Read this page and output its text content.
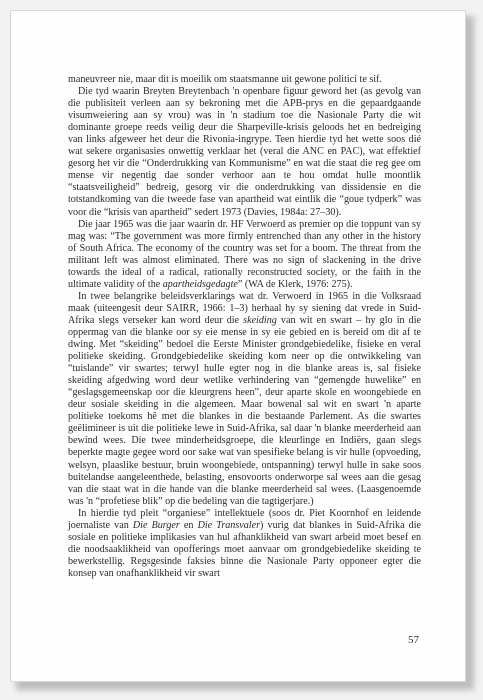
maneuvreer nie, maar dit is moeilik om staatsmanne uit gewone politici te sif.

Die tyd waarin Breyten Breytenbach 'n openbare figuur geword het (as gevolg van die publisiteit verleen aan sy bekroning met die APB-prys en die gepaardgaande visumweiering aan sy vrou) was in 'n stadium toe die Nasionale Party die wit dominante groepe reeds veilig deur die Sharpeville-krisis geloods het en bedreiging van links afgeweer het deur die Rivonia-ingrype. Teen hierdie tyd het wette soos dié wat sekere organisasies onwettig verklaar het (veral die ANC en PAC), wat effektief gesorg het vir die “Onderdrukking van Kommunisme” en wat die staat die reg gee om mense vir negentig dae sonder verhoor aan te hou omdat hulle moontlik “staatsveiligheid” bedreig, gesorg vir die onderdrukking van dissidensie en die totstandkoming van die tweede fase van apartheid wat eintlik die “goue tydperk” was voor die “krisis van apartheid” sedert 1973 (Davies, 1984a: 27–30).

Die jaar 1965 was die jaar waarin dr. HF Verwoerd as premier op die toppunt van sy mag was: “The government was more firmly entrenched than any other in the history of South Africa. The economy of the country was set for a boom. The threat from the militant left was almost eliminated. There was no sign of slackening in the drive towards the ideal of a radical, rationally reconstructed society, or the faith in the ultimate validity of the apartheidsgedagte” (WA de Klerk, 1976: 275).

In twee belangrike beleidsverklarings wat dr. Verwoerd in 1965 in die Volksraad maak (uiteengesit deur SAIRR, 1966: 1–3) herhaal hy sy siening dat vrede in Suid-Afrika slegs verseker kan word deur die skeiding van wit en swart – hy glo in die oppermag van die blanke oor sy eie mense in sy eie gebied en is bereid om dit af te dwing. Met “skeiding” bedoel die Eerste Minister grondgebiedelike, fisieke en veral politieke skeiding. Grondgebiedelike skeiding kom neer op die ontwikkeling van “tuislande” vir swartes; terwyl hulle egter nog in die blanke areas is, sal fisieke skeiding afgedwing word deur wetlike verhindering van “gemengde huwelike” en “geslagsgemeenskap oor die kleurgrens heen”, deur aparte skole en woongebiede en deur sosiale skeiding in die algemeen. Maar bowenal sal wit en swart 'n aparte politieke toekoms hê met die blankes in die bestaande Parlement. As die swartes geëlimineer is uit die politieke lewe in Suid-Afrika, sal daar 'n blanke meerderheid aan bewind wees. Die twee minderheidsgroepe, die kleurlinge en Indiërs, gaan slegs beperkte magte gegee word oor sake wat van spesifieke belang is vir hulle (opvoeding, welsyn, plaaslike bestuur, bruin woongebiede, ontspanning) terwyl hulle in sake soos buitelandse aangeleenthede, belasting, ensovoorts onderworpe sal wees aan die gesag van die staat wat in die hande van die blanke meerderheid sal wees. (Laasgenoemde was 'n “profetiese blik” op die bedeling van die tagtigerjare.)

In hierdie tyd pleit “organiese” intellektuele (soos dr. Piet Koornhof en leidende joernaliste van Die Burger en Die Transvaler) vurig dat blankes in Suid-Afrika die sosiale en politieke implikasies van hul afhanklikheid van swart arbeid moet besef en die noodsaaklikheid van opofferings moet aanvaar om grondgebiedelike skeiding te bewerkstellig. Regsgesinde faksies binne die Nasionale Party opponeer egter die konsep van onafhanklikheid vir swart

57
